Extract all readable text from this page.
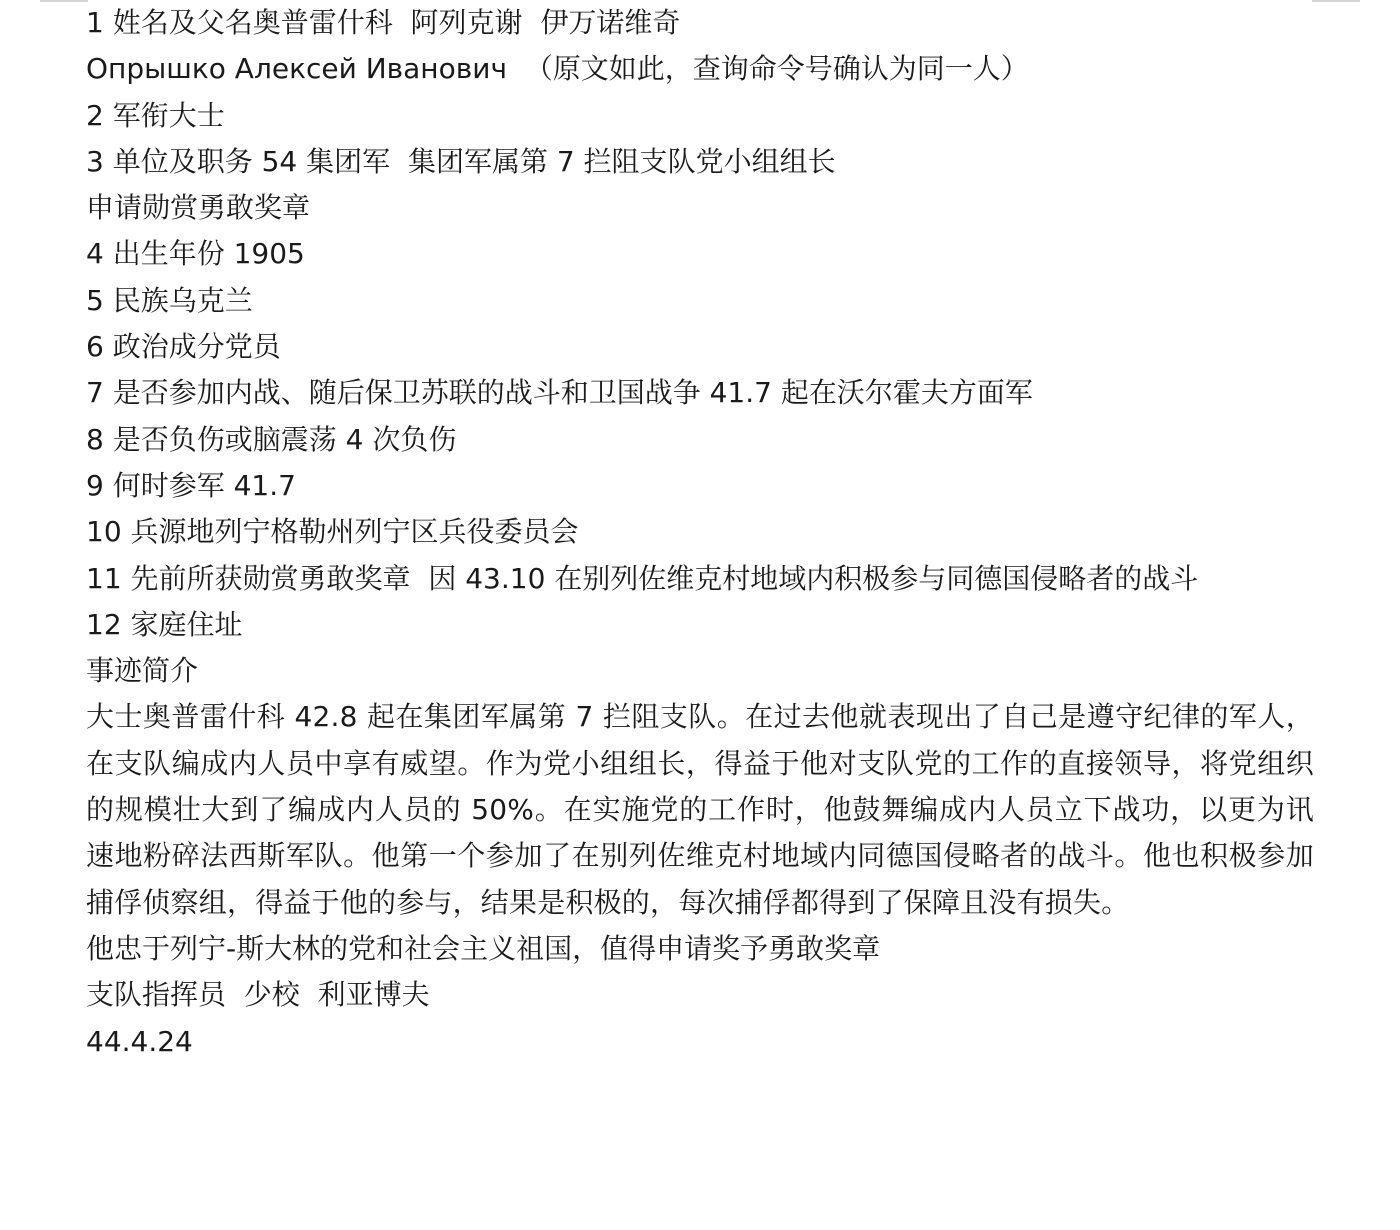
1 姓名及父名奥普雷什科  阿列克谢  伊万诺维奇

Опрышко Алексей Иванович  （原文如此，查询命令号确认为同一人）

2 军衔大士

3 单位及职务 54 集团军  集团军属第 7 拦阻支队党小组组长

申请勋赏勇敢奖章

4 出生年份 1905

5 民族乌克兰

6 政治成分党员

7 是否参加内战、随后保卫苏联的战斗和卫国战争 41.7 起在沃尔霍夫方面军

8 是否负伤或脑震荡 4 次负伤

9 何时参军 41.7

10 兵源地列宁格勒州列宁区兵役委员会

11 先前所获勋赏勇敢奖章  因 43.10 在别列佐维克村地域内积极参与同德国侵略者的战斗

12 家庭住址

事迹简介

大士奥普雷什科 42.8 起在集团军属第 7 拦阻支队。在过去他就表现出了自己是遵守纪律的军人，在支队编成内人员中享有威望。作为党小组组长，得益于他对支队党的工作的直接领导，将党组织的规模壮大到了编成内人员的 50%。在实施党的工作时，他鼓舞编成内人员立下战功，以更为讯速地粉碎法西斯军队。他第一个参加了在别列佐维克村地域内同德国侵略者的战斗。他也积极参加捕俘侦察组，得益于他的参与，结果是积极的，每次捕俘都得到了保障且没有损失。

他忠于列宁-斯大林的党和社会主义祖国，值得申请奖予勇敢奖章

支队指挥员  少校  利亚博夫

44.4.24
